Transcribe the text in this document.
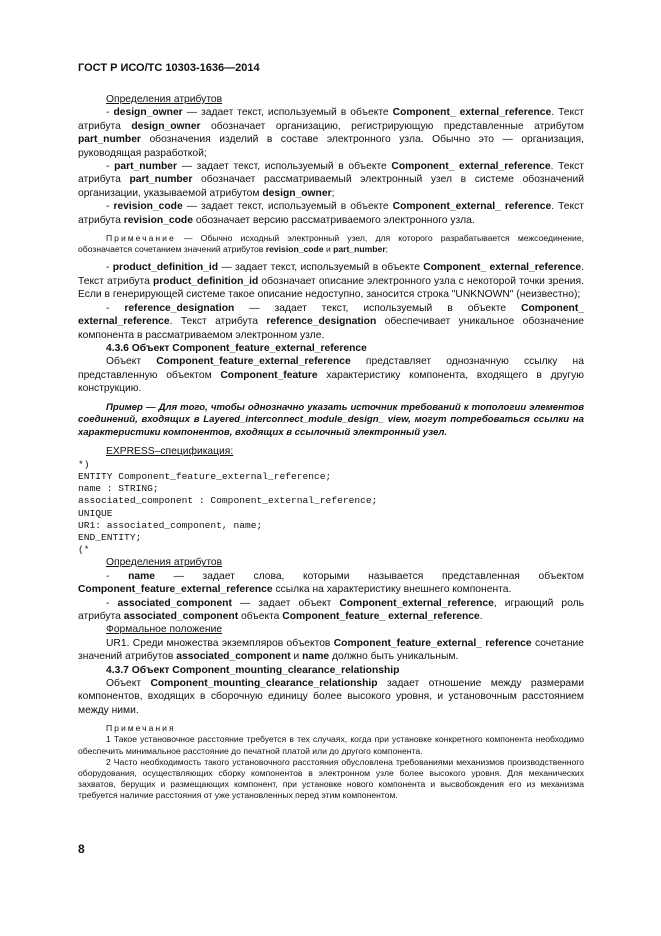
ГОСТ Р ИСО/ТС 10303-1636—2014

Определения атрибутов

- design_owner — задает текст, используемый в объекте Component_ external_reference. Текст атрибута design_owner обозначает организацию, регистрирующую представленные атрибутом part_number обозначения изделий в составе электронного узла. Обычно это — организация, руководящая разработкой;

- part_number — задает текст, используемый в объекте Component_ external_reference. Текст атрибута part_number обозначает рассматриваемый электронный узел в системе обозначений организации, указываемой атрибутом design_owner;

- revision_code — задает текст, используемый в объекте Component_external_ reference. Текст атрибута revision_code обозначает версию рассматриваемого электронного узла.

Примечание — Обычно исходный электронный узел, для которого разрабатывается межсоединение, обозначается сочетанием значений атрибутов revision_code и part_number;

- product_definition_id — задает текст, используемый в объекте Component_ external_reference. Текст атрибута product_definition_id обозначает описание электронного узла с некоторой точки зрения. Если в генерирующей системе такое описание недоступно, заносится строка "UNKNOWN" (неизвестно);

- reference_designation — задает текст, используемый в объекте Component_ external_reference. Текст атрибута reference_designation обеспечивает уникальное обозначение компонента в рассматриваемом электронном узле.

4.3.6 Объект Component_feature_external_reference

Объект Component_feature_external_reference представляет однозначную ссылку на представленную объектом Component_feature характеристику компонента, входящего в другую конструкцию.

Пример — Для того, чтобы однозначно указать источник требований к топологии элементов соединений, входящих в Layered_interconnect_module_design_ view, могут потребоваться ссылки на характеристики компонентов, входящих в ссылочный электронный узел.

EXPRESS–спецификация:

*)
ENTITY Component_feature_external_reference;
name : STRING;
associated_component : Component_external_reference;
UNIQUE
UR1: associated_component, name;
END_ENTITY;
(*

Определения атрибутов

- name — задает слова, которыми называется представленная объектом Component_feature_external_reference ссылка на характеристику внешнего компонента.

- associated_component — задает объект Component_external_reference, играющий роль атрибута associated_component объекта Component_feature_ external_reference.

Формальное положение

UR1. Среди множества экземпляров объектов Component_feature_external_ reference сочетание значений атрибутов associated_component и name должно быть уникальным.

4.3.7 Объект Component_mounting_clearance_relationship

Объект Component_mounting_clearance_relationship задает отношение между размерами компонентов, входящих в сборочную единицу более высокого уровня, и установочным расстоянием между ними.

Примечания

1 Такое установочное расстояние требуется в тех случаях, когда при установке конкретного компонента необходимо обеспечить минимальное расстояние до печатной платой или до другого компонента.

2 Часто необходимость такого установочного расстояния обусловлена требованиями механизмов производственного оборудования, осуществляющих сборку компонентов в электронном узле более высокого уровня. Для механических захватов, берущих и размещающих компонент, при установке нового компонента и высвобождения его из механизма требуется наличие расстояния от уже установленных перед этим компонентом.

8
